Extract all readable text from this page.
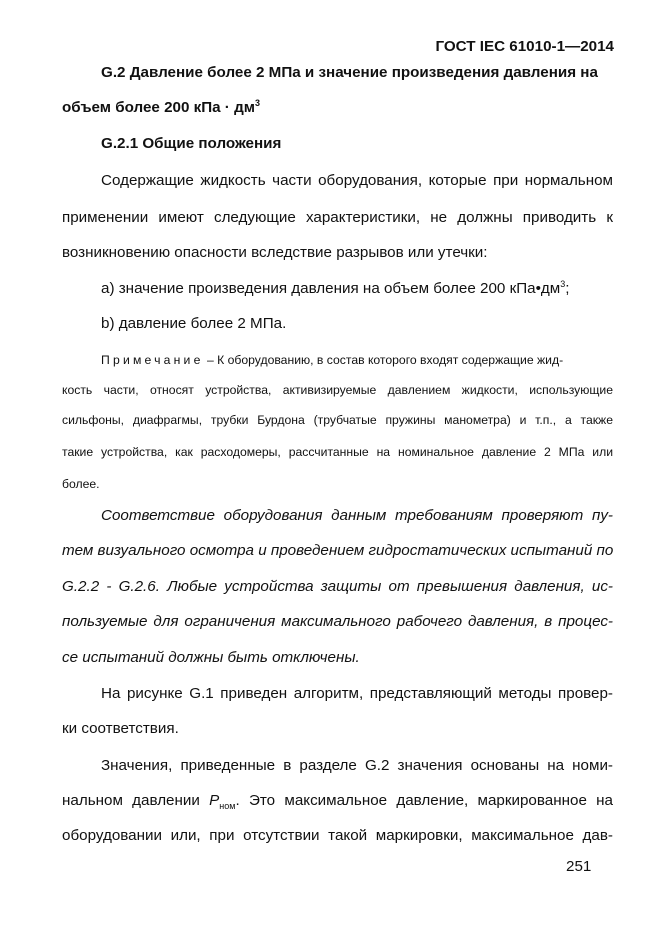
ГОСТ IEC 61010-1—2014
G.2 Давление более 2 МПа и значение произведения давления на
объем более 200 кПа · $дм^3$
G.2.1 Общие положения
Содержащие жидкость части оборудования, которые при нормальном
применении имеют следующие характеристики, не должны приводить к
возникновению опасности вследствие разрывов или утечки:
a) значение произведения давления на объем более 200 $кПа•дм^3$;
b) давление более 2 МПа.
Примечание – К оборудованию, в состав которого входят содержащие жид-
кость части, относят устройства, активизируемые давлением жидкости, использующие
сильфоны, диафрагмы, трубки Бурдона (трубчатые пружины манометра) и т.п., а также
такие устройства, как расходомеры, рассчитанные на номинальное давление 2 МПа или
более.
Соответствие оборудования данным требованиям проверяют пу-
тем визуального осмотра и проведением гидростатических испытаний по
G.2.2 - G.2.6. Любые устройства защиты от превышения давления, ис-
пользуемые для ограничения максимального рабочего давления, в процес-
се испытаний должны быть отключены.
На рисунке G.1 приведен алгоритм, представляющий методы провер-
ки соответствия.
Значения, приведенные в разделе G.2 значения основаны на номи-
нальном давлении $P_{ном}$. Это максимальное давление, маркированное на
оборудовании или, при отсутствии такой маркировки, максимальное дав-
251
